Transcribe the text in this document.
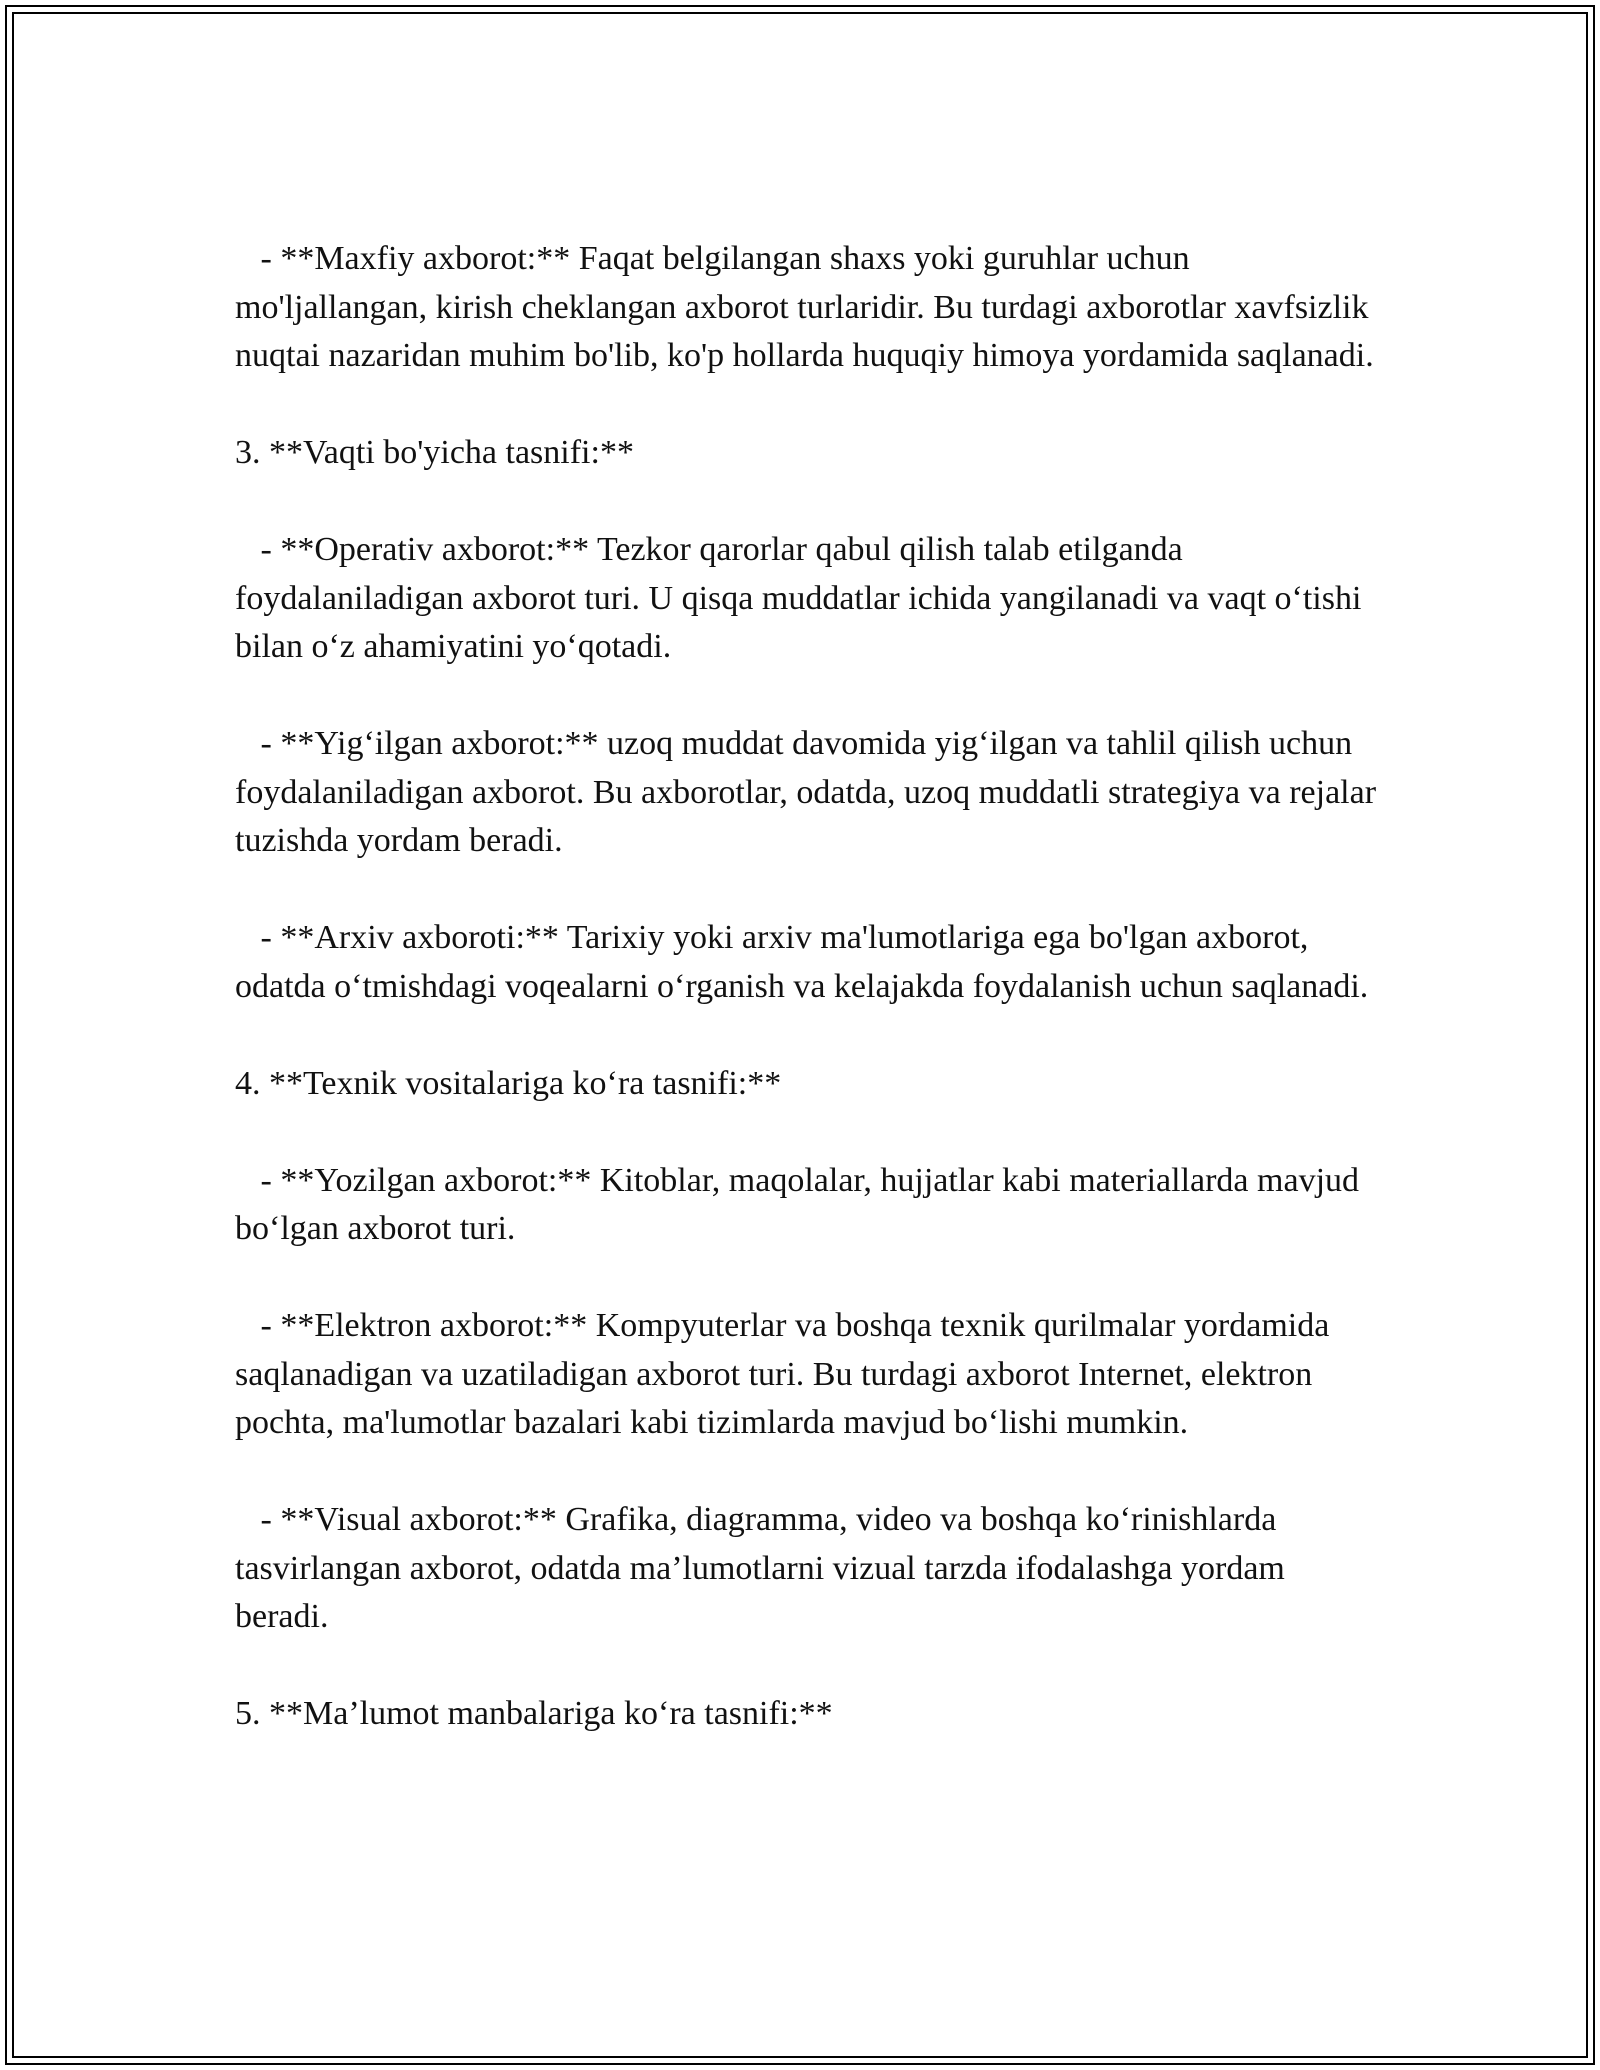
- **Maxfiy axborot:** Faqat belgilangan shaxs yoki guruhlar uchun mo'ljallangan, kirish cheklangan axborot turlaridir. Bu turdagi axborotlar xavfsizlik nuqtai nazaridan muhim bo'lib, ko'p hollarda huquqiy himoya yordamida saqlanadi.

3. **Vaqti bo'yicha tasnifi:**

- **Operativ axborot:** Tezkor qarorlar qabul qilish talab etilganda foydalaniladigan axborot turi. U qisqa muddatlar ichida yangilanadi va vaqt o‘tishi bilan o‘z ahamiyatini yo‘qotadi.

- **Yig‘ilgan axborot:** uzoq muddat davomida yig‘ilgan va tahlil qilish uchun foydalaniladigan axborot. Bu axborotlar, odatda, uzoq muddatli strategiya va rejalar tuzishda yordam beradi.

- **Arxiv axboroti:** Tarixiy yoki arxiv ma'lumotlariga ega bo'lgan axborot, odatda o‘tmishdagi voqealarni o‘rganish va kelajakda foydalanish uchun saqlanadi.

4. **Texnik vositalariga ko‘ra tasnifi:**

- **Yozilgan axborot:** Kitoblar, maqolalar, hujjatlar kabi materiallarda mavjud bo‘lgan axborot turi.

- **Elektron axborot:** Kompyuterlar va boshqa texnik qurilmalar yordamida saqlanadigan va uzatiladigan axborot turi. Bu turdagi axborot Internet, elektron pochta, ma'lumotlar bazalari kabi tizimlarda mavjud bo‘lishi mumkin.

- **Visual axborot:** Grafika, diagramma, video va boshqa ko‘rinishlarda tasvirlangan axborot, odatda ma’lumotlarni vizual tarzda ifodalashga yordam beradi.

5. **Ma’lumot manbalariga ko‘ra tasnifi:**
